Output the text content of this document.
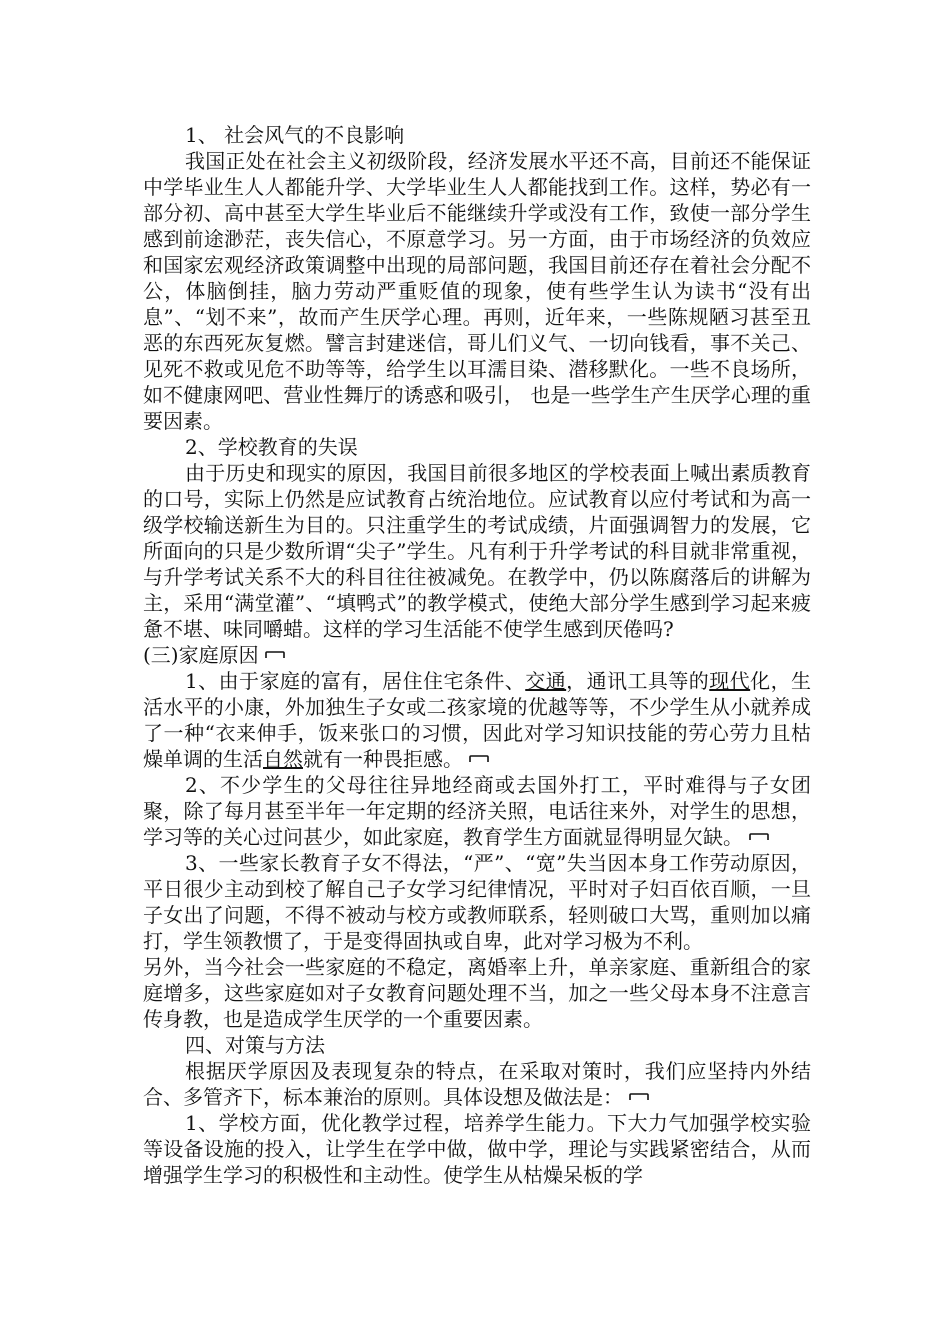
1、 社会风气的不良影响

我国正处在社会主义初级阶段，经济发展水平还不高，目前还不能保证中学毕业生人人都能升学、大学毕业生人人都能找到工作。这样，势必有一部分初、高中甚至大学生毕业后不能继续升学或没有工作，致使一部分学生感到前途渺茫，丧失信心，不原意学习。另一方面，由于市场经济的负效应和国家宏观经济政策调整中出现的局部问题，我国目前还存在着社会分配不公，体脑倒挂，脑力劳动严重贬值的现象，使有些学生认为读书“没有出息”、“划不来”，故而产生厌学心理。再则，近年来，一些陈规陋习甚至丑恶的东西死灰复燃。譬言封建迷信，哥儿们义气、一切向钱看，事不关己、见死不救或见危不助等等，给学生以耳濡目染、潜移默化。一些不良场所，如不健康网吧、营业性舞厅的诱惑和吸引， 也是一些学生产生厌学心理的重要因素。

2、学校教育的失误

由于历史和现实的原因，我国目前很多地区的学校表面上喊出素质教育的口号，实际上仍然是应试教育占统治地位。应试教育以应付考试和为高一级学校输送新生为目的。只注重学生的考试成绩，片面强调智力的发展，它所面向的只是少数所谓“尖子”学生。凡有利于升学考试的科目就非常重视，与升学考试关系不大的科目往往被减免。在教学中，仍以陈腐落后的讲解为主，采用“满堂灌”、“填鸭式”的教学模式，使绝大部分学生感到学习起来疲惫不堪、味同嚼蜡。这样的学习生活能不使学生感到厌倦吗?

(三)家庭原因

1、由于家庭的富有，居住住宅条件、交通，通讯工具等的现代化，生活水平的小康，外加独生子女或二孩家境的优越等等，不少学生从小就养成了一种“衣来伸手，饭来张口的习惯，因此对学习知识技能的劳心劳力且枯燥单调的生活自然就有一种畏拒感。

2、不少学生的父母往往异地经商或去国外打工，平时难得与子女团聚，除了每月甚至半年一年定期的经济关照，电话往来外，对学生的思想，学习等的关心过问甚少，如此家庭，教育学生方面就显得明显欠缺。

3、一些家长教育子女不得法，“严”、“宽”失当因本身工作劳动原因，平日很少主动到校了解自己子女学习纪律情况，平时对子妇百依百顺，一旦子女出了问题，不得不被动与校方或教师联系，轻则破口大骂，重则加以痛打，学生领教惯了，于是变得固执或自卑，此对学习极为不利。

另外，当今社会一些家庭的不稳定，离婚率上升，单亲家庭、重新组合的家庭增多，这些家庭如对子女教育问题处理不当，加之一些父母本身不注意言传身教，也是造成学生厌学的一个重要因素。

四、对策与方法

根据厌学原因及表现复杂的特点，在采取对策时，我们应坚持内外结合、多管齐下，标本兼治的原则。具体设想及做法是：

1、学校方面，优化教学过程，培养学生能力。下大力气加强学校实验等设备设施的投入，让学生在学中做，做中学，理论与实践紧密结合，从而增强学生学习的积极性和主动性。使学生从枯燥呆板的学
